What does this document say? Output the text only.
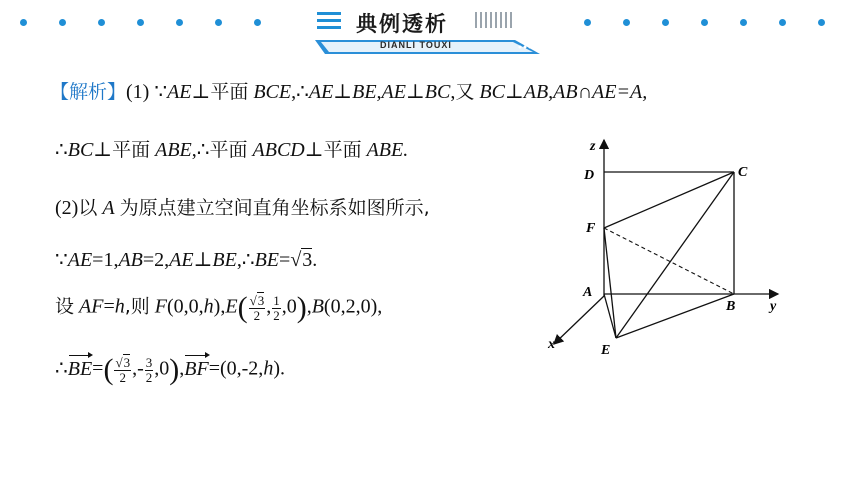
典例透析
DIANLI TOUXI
【解析】(1) ∵AE⊥平面 BCE,∴AE⊥BE,AE⊥BC,又 BC⊥AB,AB∩AE=A,
∴BC⊥平面 ABE,∴平面 ABCD⊥平面 ABE.
(2)以 A 为原点建立空间直角坐标系如图所示,
∵AE=1,AB=2,AE⊥BE,∴BE=√3.
设 AF=h,则 $F(0,0,h),E( \frac{√3}{2}$ , $\frac{1}{2} ,0),B(0,2,0)$,
∴BE=( $\frac{√3}{2}$ ,- $\frac{3}{2} ,0),BF=(0,-2,h)$.
z
D	C
F
A
B y
x	E
